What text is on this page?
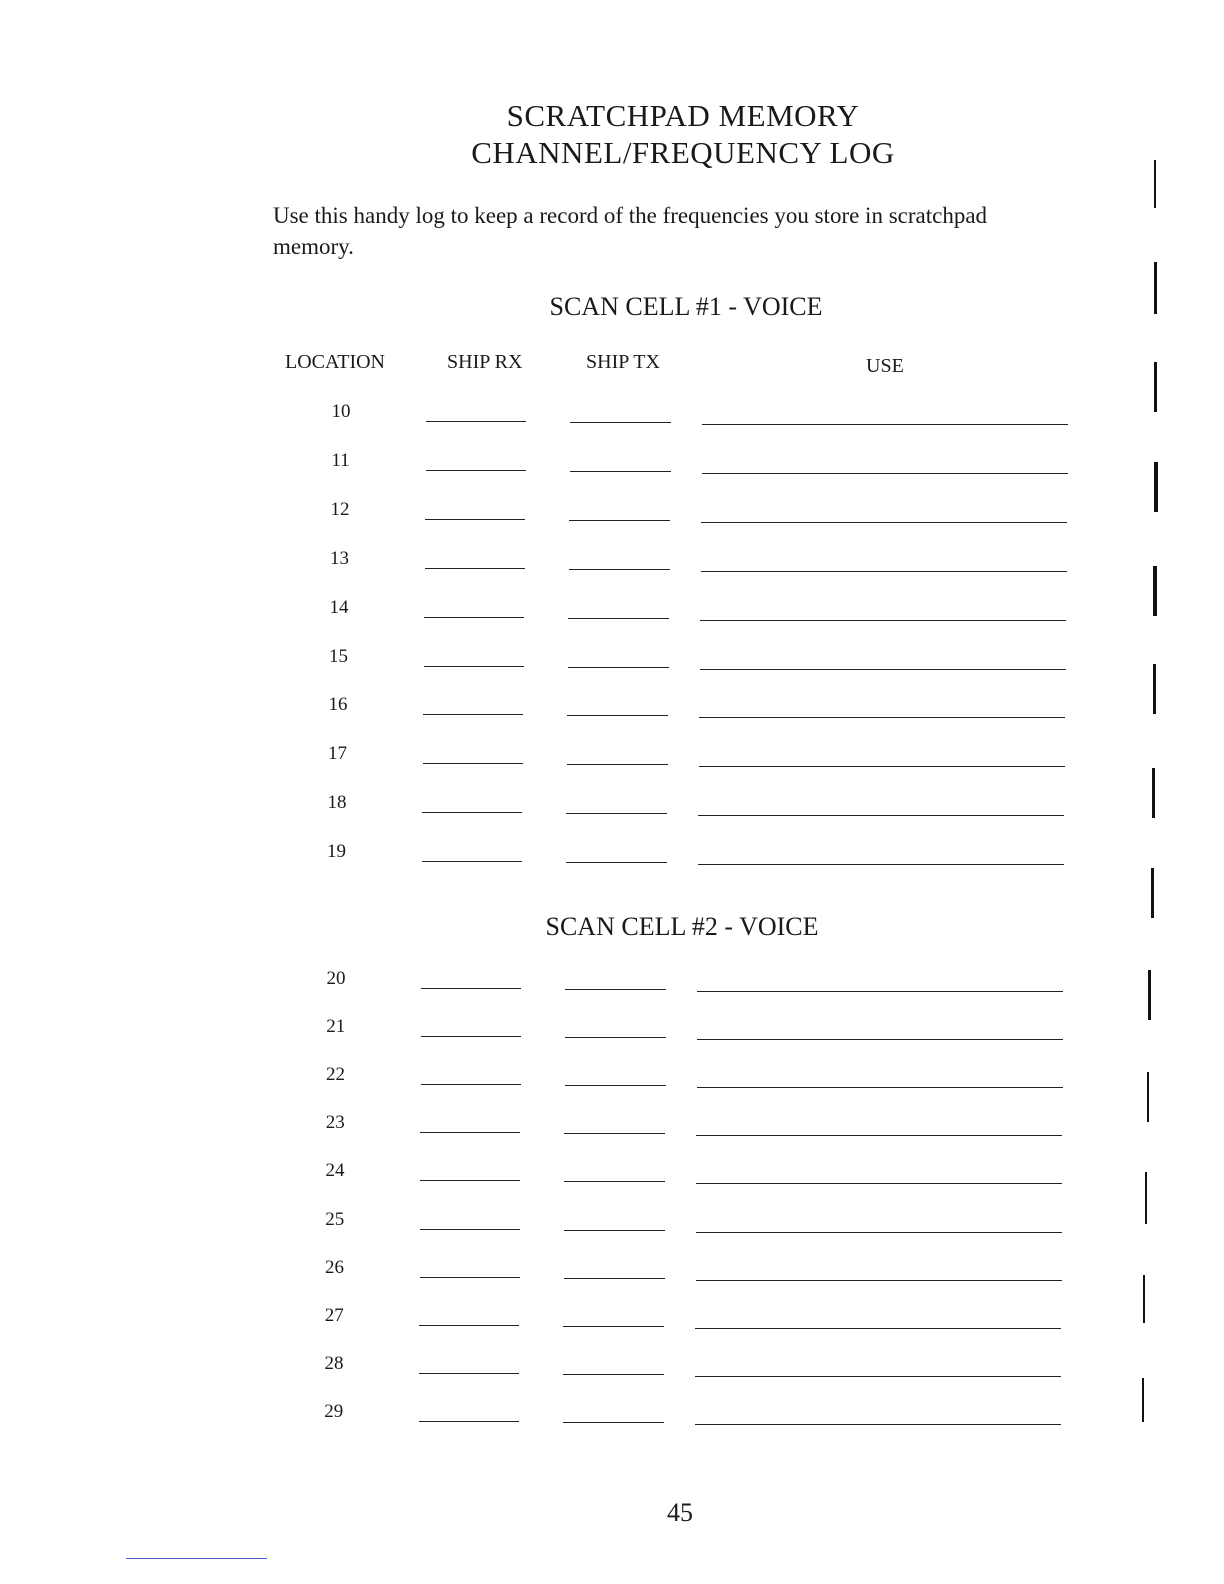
SCRATCHPAD MEMORY
CHANNEL/FREQUENCY LOG
Use this handy log to keep a record of the frequencies you store in scratchpad memory.
SCAN CELL #1 - VOICE
LOCATION	SHIP RX	SHIP TX	USE
10
11
12
13
14
15
16
17
18
19
SCAN CELL #2 - VOICE
20
21
22
23
24
25
26
27
28
29
45
